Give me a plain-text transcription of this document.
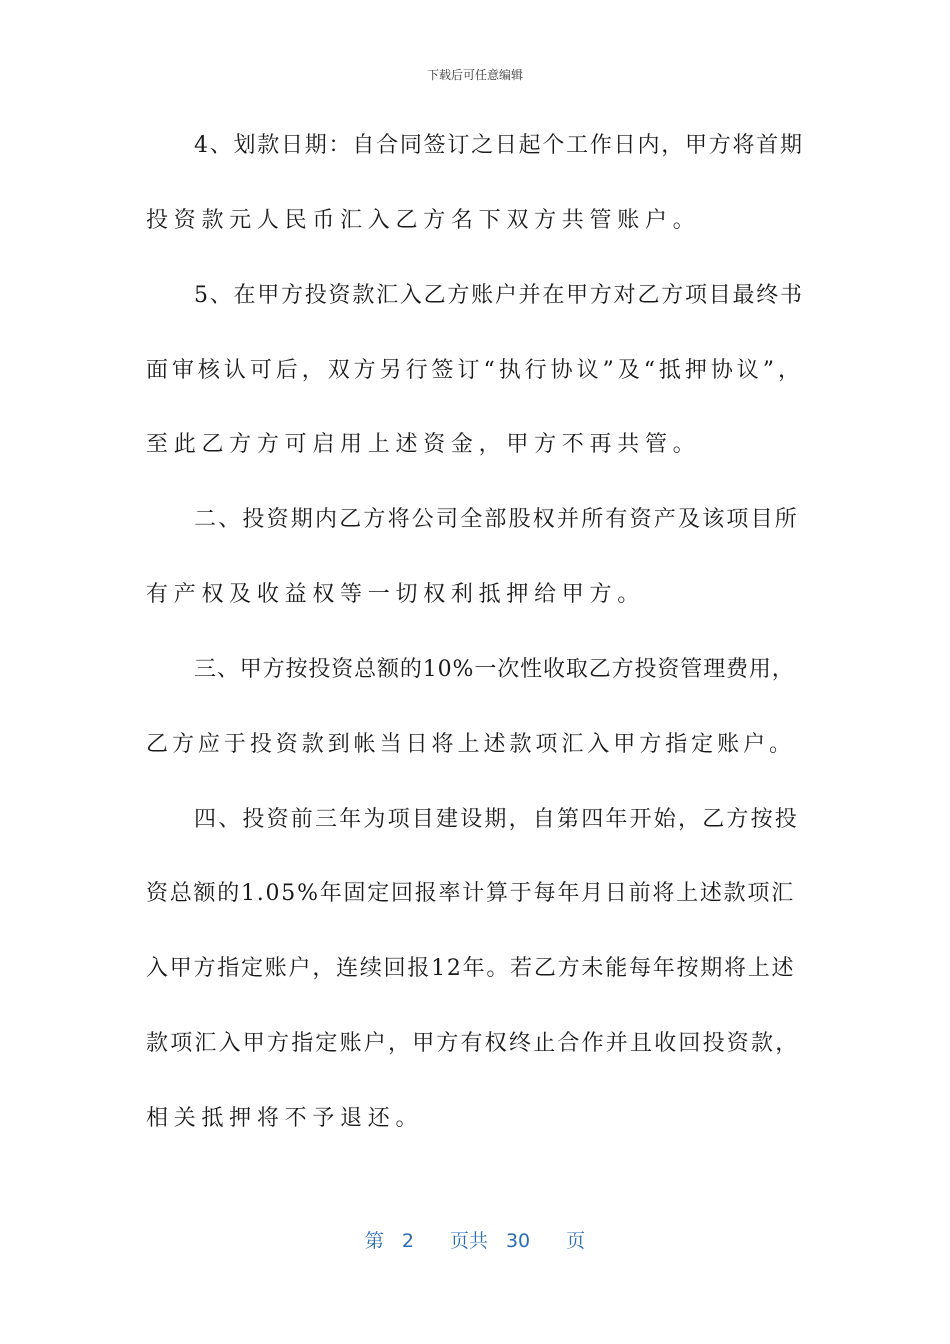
下载后可任意编辑
4、划款日期：自合同签订之日起个工作日内，甲方将首期
投资款元人民币汇入乙方名下双方共管账户。
5、在甲方投资款汇入乙方账户并在甲方对乙方项目最终书
面审核认可后，双方另行签订“执行协议”及“抵押协议”，
至此乙方方可启用上述资金，甲方不再共管。
二、投资期内乙方将公司全部股权并所有资产及该项目所
有产权及收益权等一切权利抵押给甲方。
三、甲方按投资总额的10%一次性收取乙方投资管理费用，
乙方应于投资款到帐当日将上述款项汇入甲方指定账户。
四、投资前三年为项目建设期，自第四年开始，乙方按投
资总额的1.05%年固定回报率计算于每年月日前将上述款项汇
入甲方指定账户，连续回报12年。若乙方未能每年按期将上述
款项汇入甲方指定账户，甲方有权终止合作并且收回投资款，
相关抵押将不予退还。
第 2 页共 30 页
